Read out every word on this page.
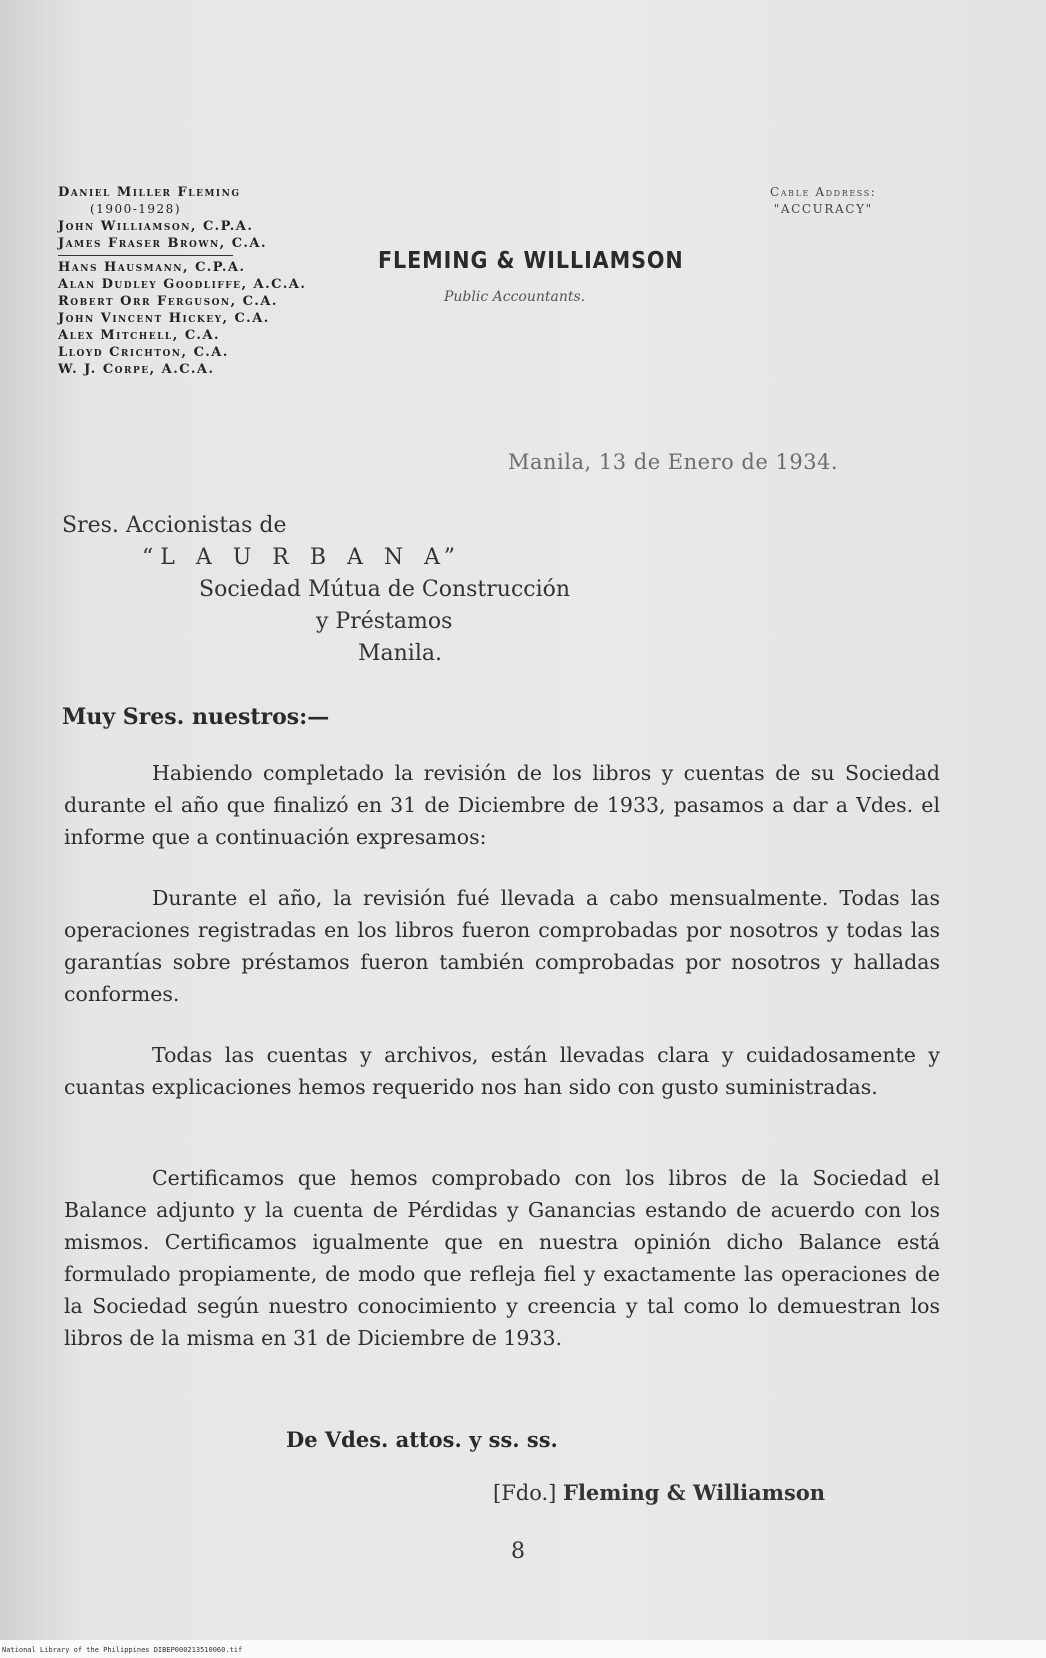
Daniel Miller Fleming
(1900-1928)
John Williamson, C.P.A.
James Fraser Brown, C.A.
Hans Hausmann, C.P.A.
Alan Dudley Goodliffe, A.C.A.
Robert Orr Ferguson, C.A.
John Vincent Hickey, C.A.
Alex Mitchell, C.A.
Lloyd Crichton, C.A.
W. J. Corpe, A.C.A.
FLEMING & WILLIAMSON
Public Accountants.
Cable Address:
"ACCURACY"
Manila, 13 de Enero de 1934.
Sres. Accionistas de
“L A U R B A N A”
Sociedad Mútua de Construcción
y Préstamos
Manila.
Muy Sres. nuestros:—
Habiendo completado la revisión de los libros y cuentas de su Sociedad durante el año que finalizó en 31 de Diciembre de 1933, pasamos a dar a Vdes. el informe que a continuación expresamos:
Durante el año, la revisión fué llevada a cabo mensualmente. Todas las operaciones registradas en los libros fueron comprobadas por nosotros y todas las garantías sobre préstamos fueron también comprobadas por nosotros y halladas conformes.
Todas las cuentas y archivos, están llevadas clara y cuidadosamente y cuantas explicaciones hemos requerido nos han sido con gusto suministradas.
Certificamos que hemos comprobado con los libros de la Sociedad el Balance adjunto y la cuenta de Pérdidas y Ganancias estando de acuerdo con los mismos. Certificamos igualmente que en nuestra opinión dicho Balance está formulado propiamente, de modo que refleja fiel y exactamente las operaciones de la Sociedad según nuestro conocimiento y creencia y tal como lo demuestran los libros de la misma en 31 de Diciembre de 1933.
De Vdes. attos. y ss. ss.
[Fdo.] Fleming & Williamson
8
National Library of the Philippines DIBEP000213510060.tif
